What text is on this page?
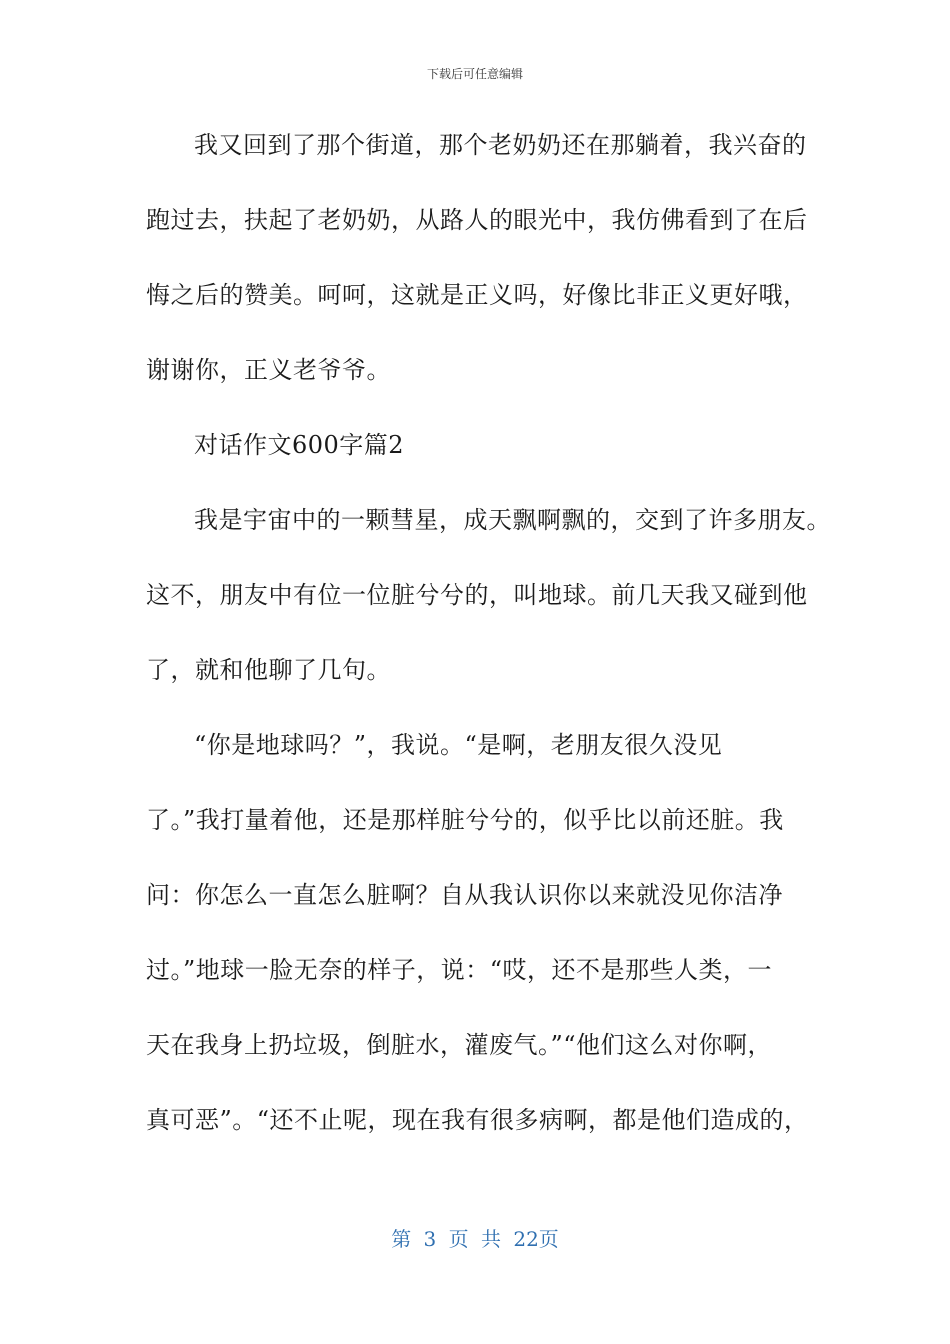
下载后可任意编辑
我又回到了那个街道，那个老奶奶还在那躺着，我兴奋的
跑过去，扶起了老奶奶，从路人的眼光中，我仿佛看到了在后
悔之后的赞美。呵呵，这就是正义吗，好像比非正义更好哦，
谢谢你，正义老爷爷。
对话作文600字篇2
我是宇宙中的一颗彗星，成天飘啊飘的，交到了许多朋友。
这不，朋友中有位一位脏兮兮的，叫地球。前几天我又碰到他
了，就和他聊了几句。
“你是地球吗？”，我说。“是啊，老朋友很久没见
了。”我打量着他，还是那样脏兮兮的，似乎比以前还脏。我
问：你怎么一直怎么脏啊？自从我认识你以来就没见你洁净
过。”地球一脸无奈的样子，说：“哎，还不是那些人类，一
天在我身上扔垃圾，倒脏水，灌废气。”“他们这么对你啊，
真可恶”。“还不止呢，现在我有很多病啊，都是他们造成的，
第 3 页 共 22页
